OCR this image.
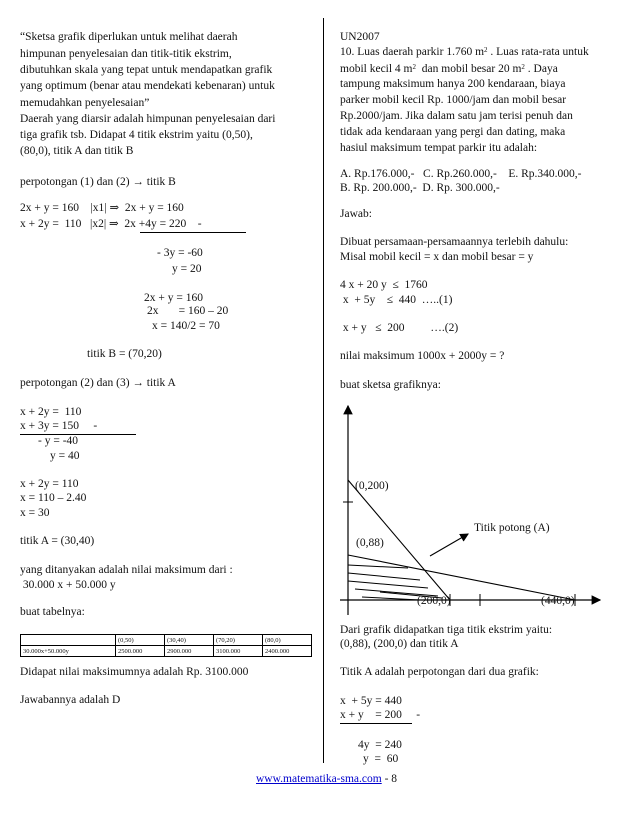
“Sketsa grafik diperlukan untuk melihat daerah
himpunan penyelesaian dan titik-titik ekstrim,
dibutuhkan skala yang tepat untuk mendapatkan grafik
yang optimum (benar atau mendekati kebenaran) untuk
memudahkan penyelesaian”
Daerah yang diarsir adalah himpunan penyelesaian dari
tiga grafik tsb. Didapat 4 titik ekstrim yaitu (0,50),
(80,0), titik A dan titik B
perpotongan (1) dan (2) → titik B
2x + y = 160    |x1| ⇒  2x + y = 160
x + 2y =  110   |x2| ⇒  2x +4y = 220    -
- 3y = -60
y = 20
2x + y = 160
2x       = 160 – 20
x = 140/2 = 70
titik B = (70,20)
perpotongan (2) dan (3) → titik A
x + 2y =  110
x + 3y = 150     -
- y = -40
y = 40
x + 2y = 110
x = 110 – 2.40
x = 30
titik A = (30,40)
yang ditanyakan adalah nilai maksimum dari :
30.000 x + 50.000 y
buat tabelnya:
	(0,50)	(30,40)	(70,20)	(80,0)
30.000x+50.000y	2500.000	2900.000	3100.000	2400.000
Didapat nilai maksimumnya adalah Rp. 3100.000
Jawabannya adalah D
UN2007
10. Luas daerah parkir 1.760 $m^2$ . Luas rata-rata untuk
mobil kecil 4 $m^2$  dan mobil besar 20 $m^2$ . Daya
tampung maksimum hanya 200 kendaraan, biaya
parker mobil kecil Rp. 1000/jam dan mobil besar
Rp.2000/jam. Jika dalam satu jam terisi penuh dan
tidak ada kendaraan yang pergi dan dating, maka
hasiul maksimum tempat parkir itu adalah:
A. Rp.176.000,-   C. Rp.260.000,-    E. Rp.340.000,-
B. Rp. 200.000,-  D. Rp. 300.000,-
Jawab:
Dibuat persamaan-persamaannya terlebih dahulu:
Misal mobil kecil = x dan mobil besar = y
4 x + 20 y  ≤  1760
x  + 5y    ≤  440  …..(1)
x + y   ≤  200         ….(2)
nilai maksimum 1000x + 2000y = ?
buat sketsa grafiknya:
(0,200)
(0,88)
Titik potong (A)
(200,0)	(440,0)
Dari grafik didapatkan tiga titik ekstrim yaitu:
(0,88), (200,0) dan titik A
Titik A adalah perpotongan dari dua grafik:
x  + 5y = 440
x + y    = 200     -
4y  = 240
y  =  60
www.matematika-sma.com - 8
